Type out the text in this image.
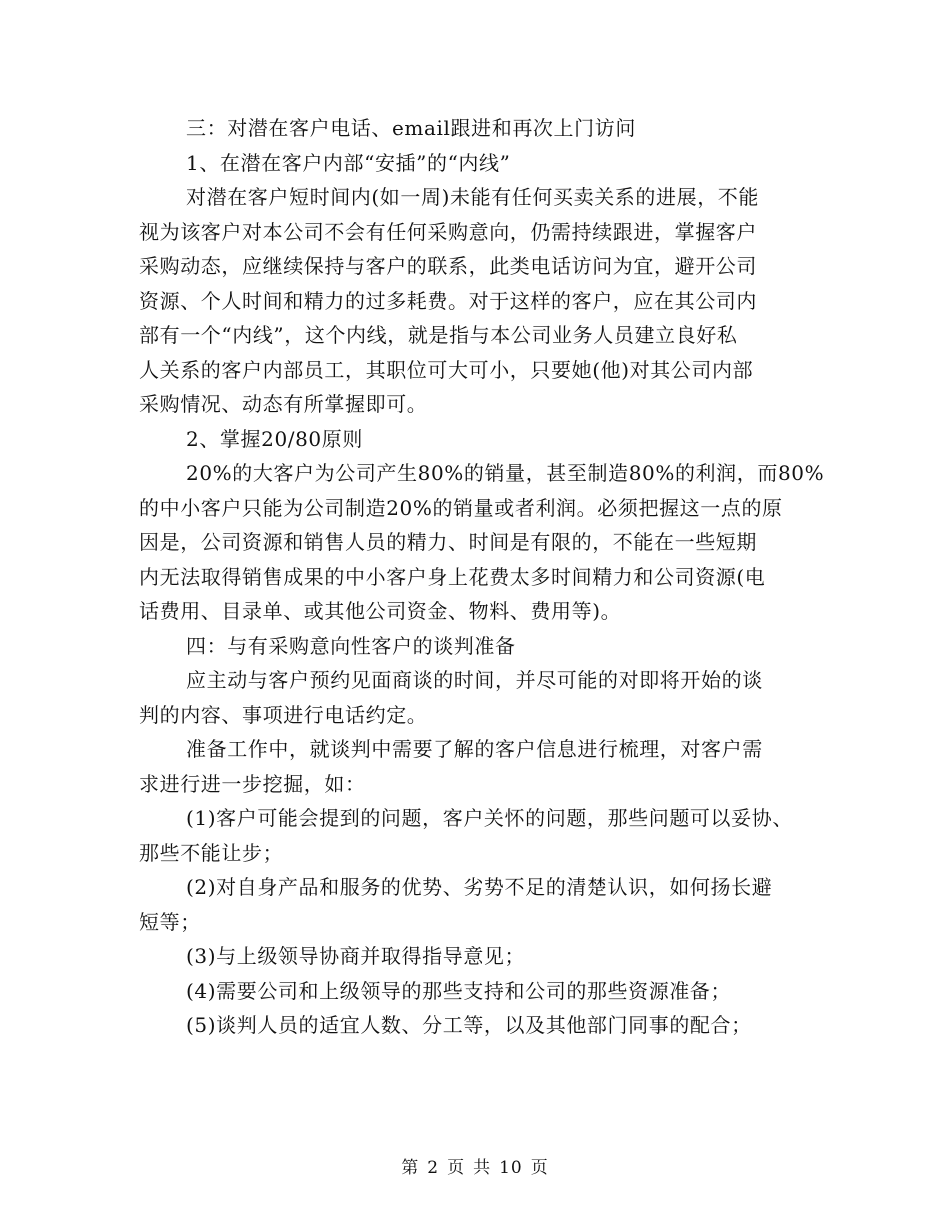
三：对潜在客户电话、email跟进和再次上门访问
1、在潜在客户内部“安插”的“内线”
对潜在客户短时间内(如一周)未能有任何买卖关系的进展，不能
视为该客户对本公司不会有任何采购意向，仍需持续跟进，掌握客户
采购动态，应继续保持与客户的联系，此类电话访问为宜，避开公司
资源、个人时间和精力的过多耗费。对于这样的客户，应在其公司内
部有一个“内线”，这个内线，就是指与本公司业务人员建立良好私
人关系的客户内部员工，其职位可大可小，只要她(他)对其公司内部
采购情况、动态有所掌握即可。
2、掌握20/80原则
20%的大客户为公司产生80%的销量，甚至制造80%的利润，而80%
的中小客户只能为公司制造20%的销量或者利润。必须把握这一点的原
因是，公司资源和销售人员的精力、时间是有限的，不能在一些短期
内无法取得销售成果的中小客户身上花费太多时间精力和公司资源(电
话费用、目录单、或其他公司资金、物料、费用等)。
四：与有采购意向性客户的谈判准备
应主动与客户预约见面商谈的时间，并尽可能的对即将开始的谈
判的内容、事项进行电话约定。
准备工作中，就谈判中需要了解的客户信息进行梳理，对客户需
求进行进一步挖掘，如：
(1)客户可能会提到的问题，客户关怀的问题，那些问题可以妥协、
那些不能让步；
(2)对自身产品和服务的优势、劣势不足的清楚认识，如何扬长避
短等；
(3)与上级领导协商并取得指导意见；
(4)需要公司和上级领导的那些支持和公司的那些资源准备；
(5)谈判人员的适宜人数、分工等，以及其他部门同事的配合；
第 2 页 共 10 页
